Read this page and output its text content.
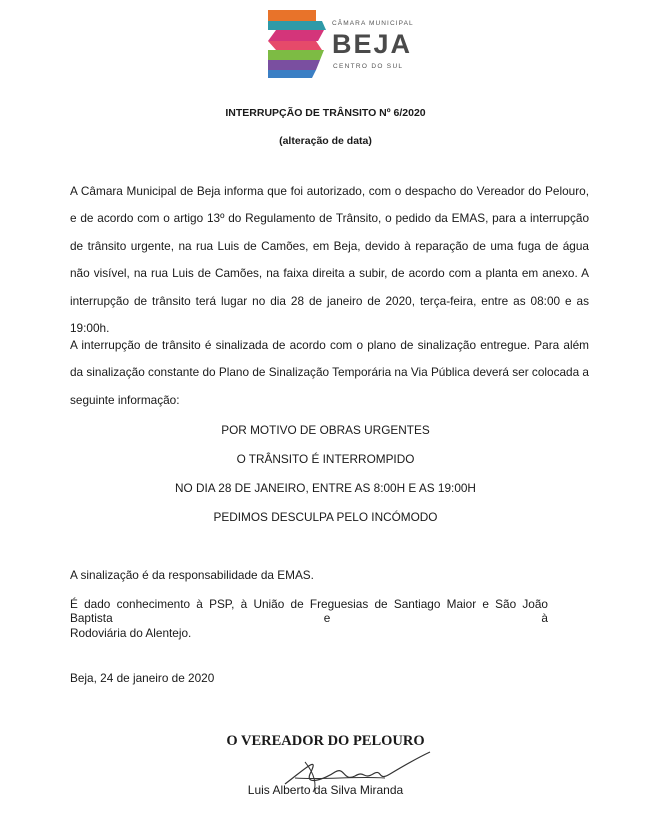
CÂMARA MUNICIPAL
BEJA
CENTRO DO SUL
INTERRUPÇÃO DE TRÂNSITO Nº 6/2020
(alteração de data)

A Câmara Municipal de Beja informa que foi autorizado, com o despacho do Vereador do Pelouro, e de acordo com o artigo 13º do Regulamento de Trânsito, o pedido da EMAS, para a interrupção de trânsito urgente, na rua Luis de Camões, em Beja, devido à reparação de uma fuga de água não visível, na rua Luis de Camões, na faixa direita a subir, de acordo com a planta em anexo. A interrupção de trânsito terá lugar no dia 28 de janeiro de 2020, terça-feira, entre as 08:00 e as 19:00h.

A interrupção de trânsito é sinalizada de acordo com o plano de sinalização entregue. Para além da sinalização constante do Plano de Sinalização Temporária na Via Pública deverá ser colocada a seguinte informação:

POR MOTIVO DE OBRAS URGENTES
O TRÂNSITO É INTERROMPIDO
NO DIA 28 DE JANEIRO, ENTRE AS 8:00H E AS 19:00H
PEDIMOS DESCULPA PELO INCÓMODO
A sinalização é da responsabilidade da EMAS.
É dado conhecimento à PSP, à União de Freguesias de Santiago Maior e São João Baptista e à
Rodoviária do Alentejo.
Beja, 24 de janeiro de 2020
O VEREADOR DO PELOURO
Luis Alberto da Silva Miranda
